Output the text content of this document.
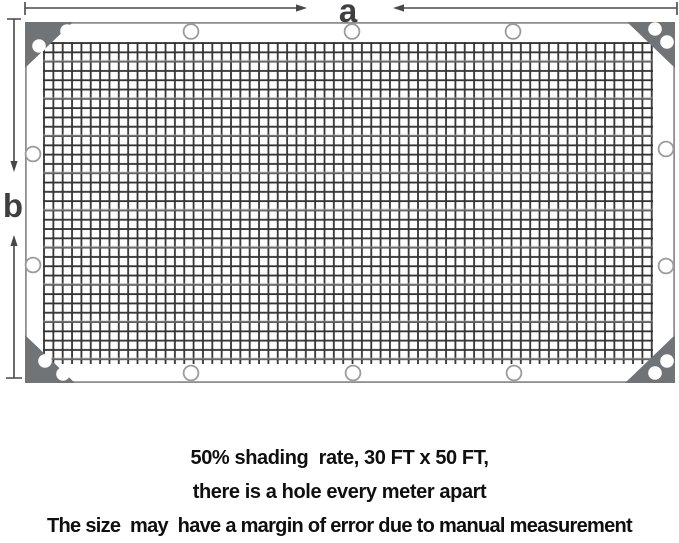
a
b
50% shading  rate, 30 FT x 50 FT,
there is a hole every meter apart
The size  may  have a margin of error due to manual measurement
